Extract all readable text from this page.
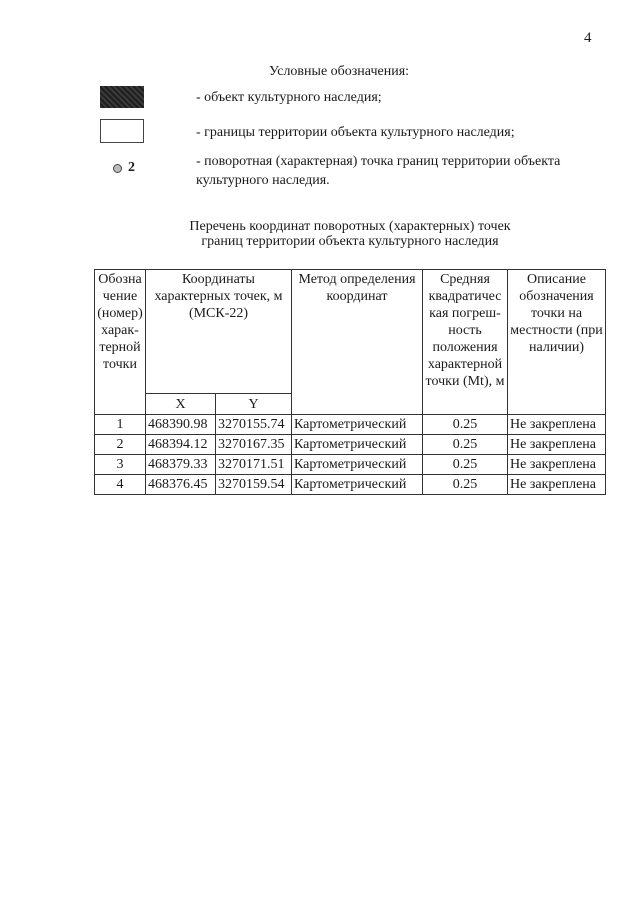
4
Условные обозначения:
- объект культурного наследия;
- границы территории объекта культурного наследия;
2	- поворотная (характерная) точка границ территории объекта культурного наследия.
Перечень координат поворотных (характерных) точек
границ территории объекта культурного наследия
Обозна чение (номер) харак- терной точки	Координаты характерных точек, м (МСК-22)		Метод определения координат	Средняя квадратичес кая погреш- ность положения характерной точки (Mt), м	Описание обозначения точки на местности (при наличии)
	X	Y			
1	468390.98	3270155.74	Картометрический	0.25	Не закреплена
2	468394.12	3270167.35	Картометрический	0.25	Не закреплена
3	468379.33	3270171.51	Картометрический	0.25	Не закреплена
4	468376.45	3270159.54	Картометрический	0.25	Не закреплена
